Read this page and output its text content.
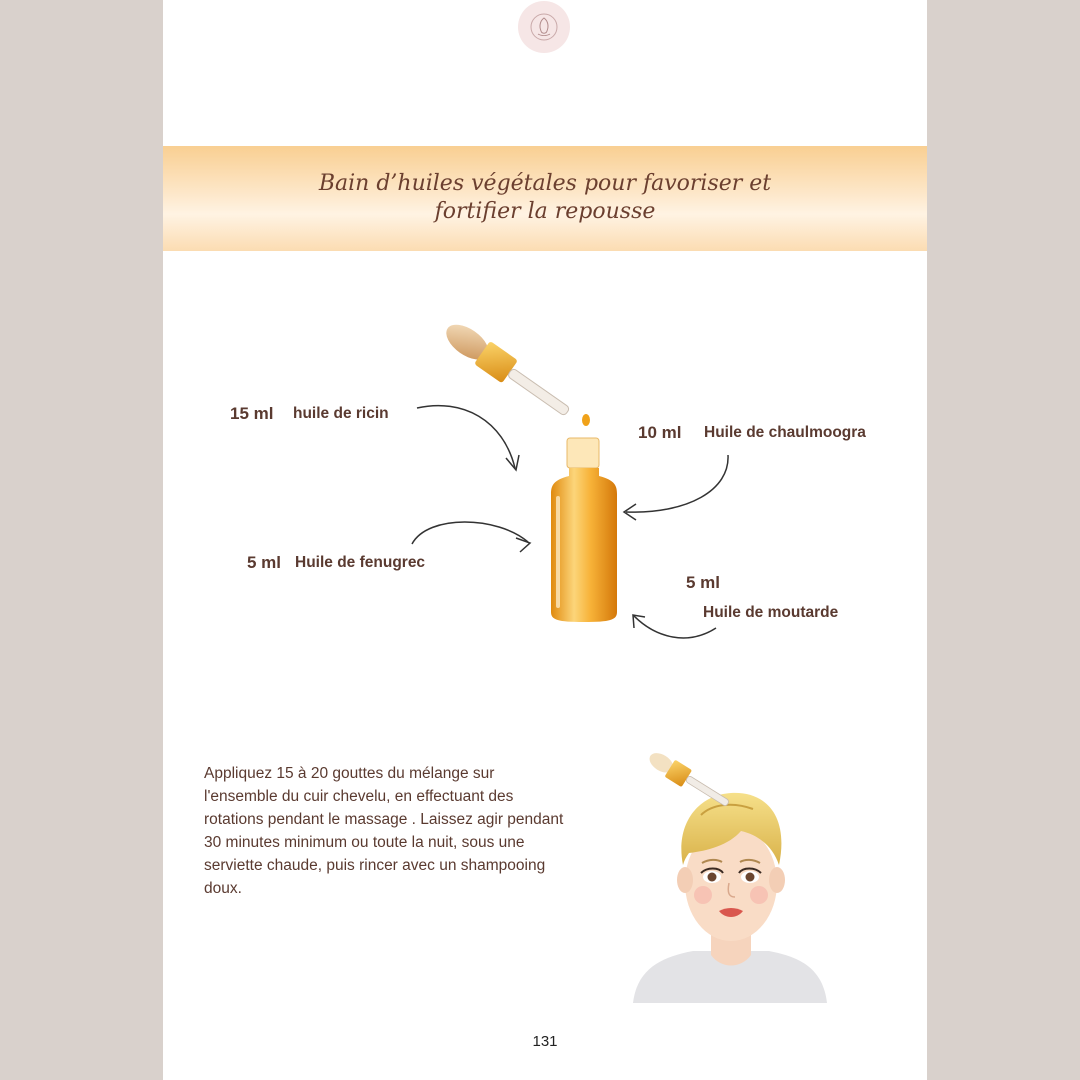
Bain d’huiles végétales pour favoriser et
fortifier la repousse
15 ml huile de ricin
10 ml Huile de chaulmoogra
5 ml Huile de fenugrec
5 ml
Huile de moutarde
Appliquez 15 à 20 gouttes du mélange sur l'ensemble du cuir chevelu, en effectuant des rotations pendant le massage . Laissez agir pendant 30 minutes minimum ou toute la nuit, sous une serviette chaude, puis rincer avec un shampooing doux.
131
